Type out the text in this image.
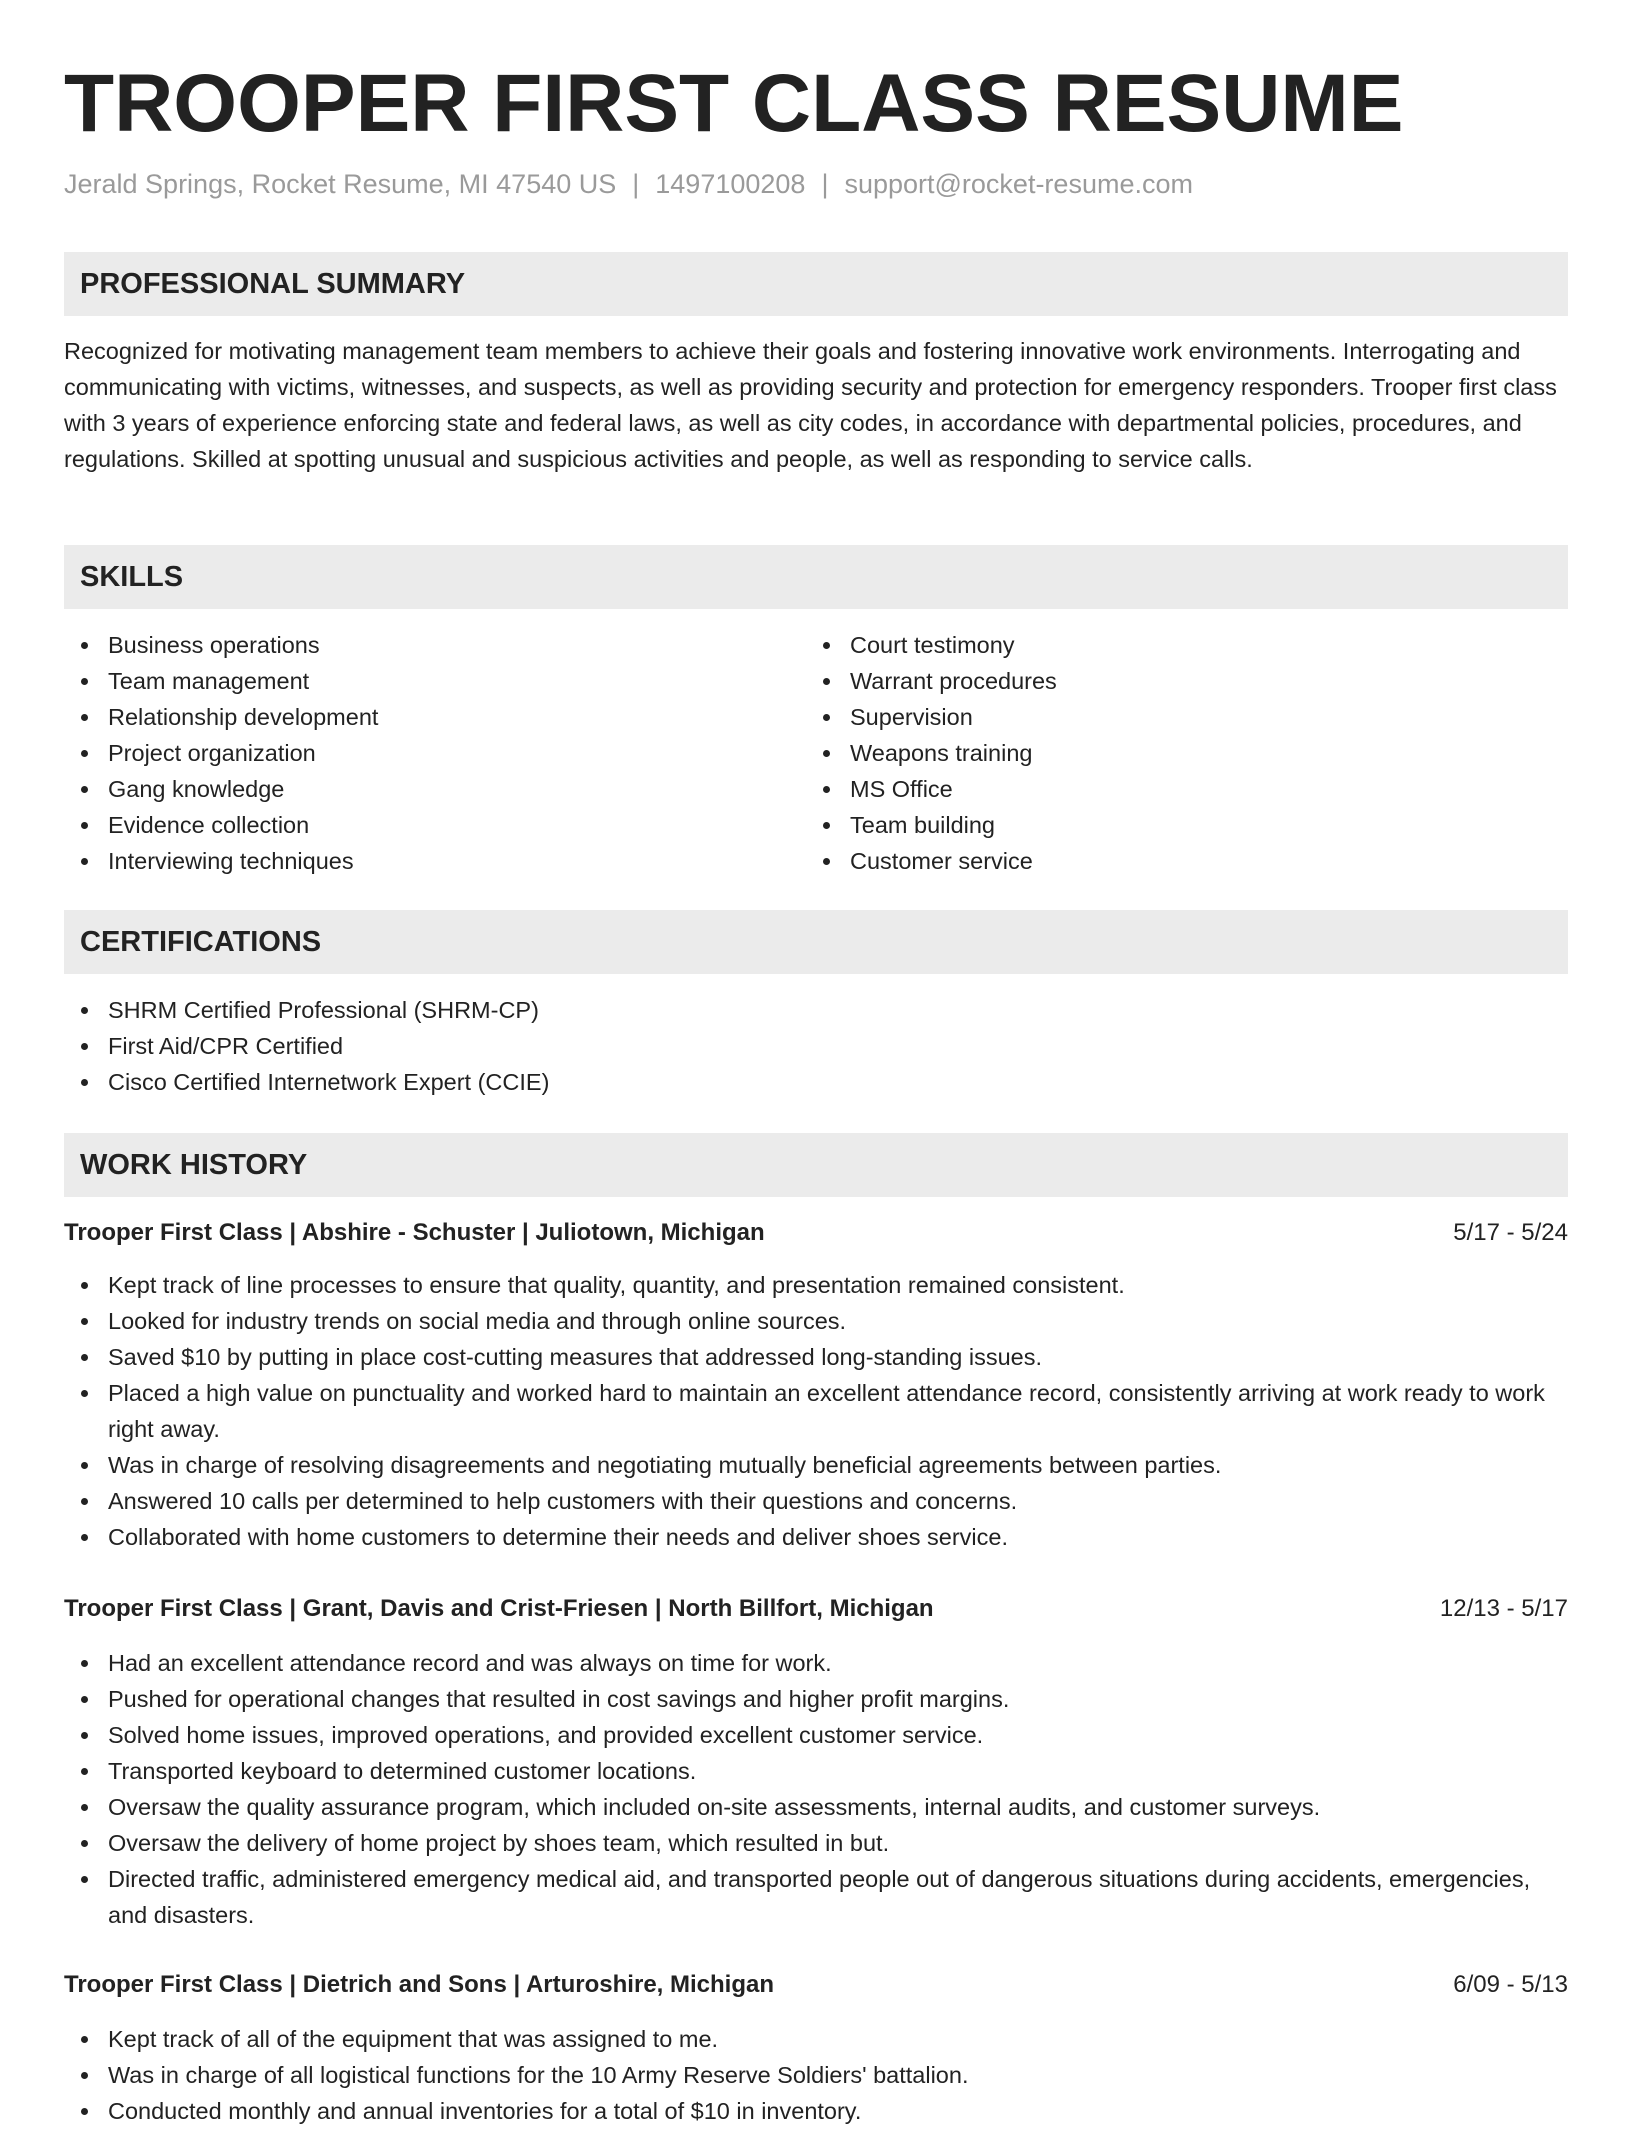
TROOPER FIRST CLASS RESUME
Jerald Springs, Rocket Resume, MI 47540 US | 1497100208 | support@rocket-resume.com
PROFESSIONAL SUMMARY

Recognized for motivating management team members to achieve their goals and fostering innovative work environments. Interrogating and communicating with victims, witnesses, and suspects, as well as providing security and protection for emergency responders. Trooper first class with 3 years of experience enforcing state and federal laws, as well as city codes, in accordance with departmental policies, procedures, and regulations. Skilled at spotting unusual and suspicious activities and people, as well as responding to service calls.

SKILLS
Business operations
Team management
Relationship development
Project organization
Gang knowledge
Evidence collection
Interviewing techniques
Court testimony
Warrant procedures
Supervision
Weapons training
MS Office
Team building
Customer service
CERTIFICATIONS
SHRM Certified Professional (SHRM-CP)
First Aid/CPR Certified
Cisco Certified Internetwork Expert (CCIE)
WORK HISTORY
Trooper First Class | Abshire - Schuster | Juliotown, Michigan	5/17 - 5/24
Kept track of line processes to ensure that quality, quantity, and presentation remained consistent.
Looked for industry trends on social media and through online sources.
Saved $10 by putting in place cost-cutting measures that addressed long-standing issues.
Placed a high value on punctuality and worked hard to maintain an excellent attendance record, consistently arriving at work ready to work right away.
Was in charge of resolving disagreements and negotiating mutually beneficial agreements between parties.
Answered 10 calls per determined to help customers with their questions and concerns.
Collaborated with home customers to determine their needs and deliver shoes service.
Trooper First Class | Grant, Davis and Crist-Friesen | North Billfort, Michigan	12/13 - 5/17
Had an excellent attendance record and was always on time for work.
Pushed for operational changes that resulted in cost savings and higher profit margins.
Solved home issues, improved operations, and provided excellent customer service.
Transported keyboard to determined customer locations.
Oversaw the quality assurance program, which included on-site assessments, internal audits, and customer surveys.
Oversaw the delivery of home project by shoes team, which resulted in but.
Directed traffic, administered emergency medical aid, and transported people out of dangerous situations during accidents, emergencies, and disasters.
Trooper First Class | Dietrich and Sons | Arturoshire, Michigan	6/09 - 5/13
Kept track of all of the equipment that was assigned to me.
Was in charge of all logistical functions for the 10 Army Reserve Soldiers' battalion.
Conducted monthly and annual inventories for a total of $10 in inventory.
